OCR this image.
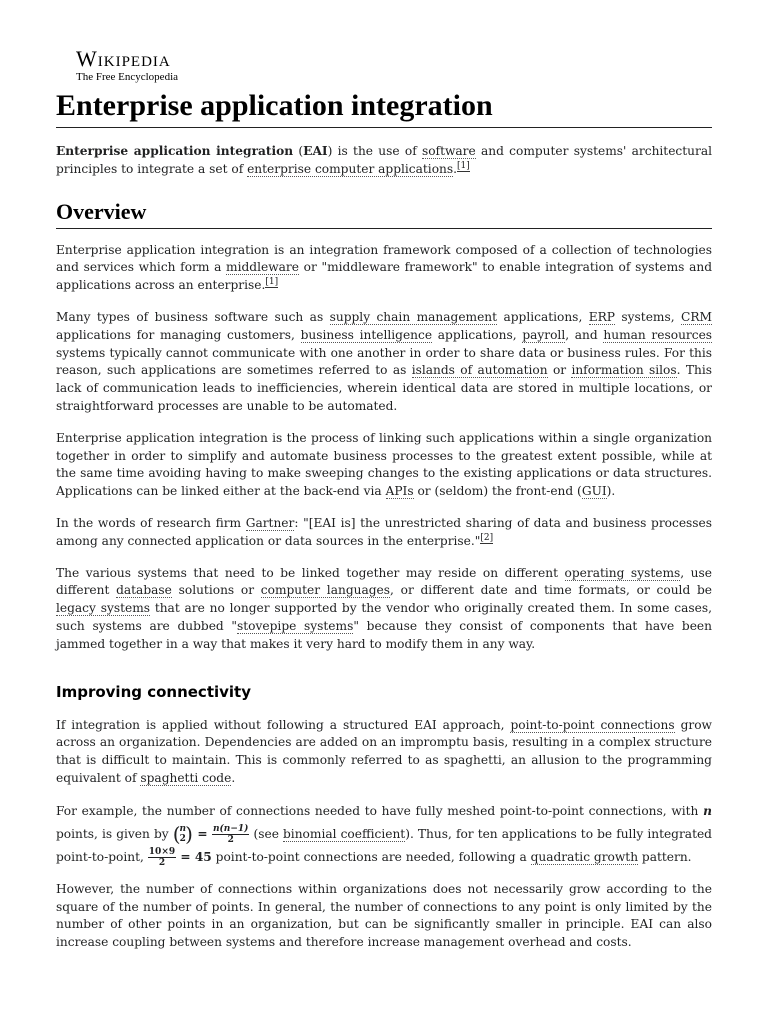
Wikipedia
The Free Encyclopedia
Enterprise application integration

Enterprise application integration (EAI) is the use of software and computer systems' architectural principles to integrate a set of enterprise computer applications.[1]

Overview

Enterprise application integration is an integration framework composed of a collection of technologies and services which form a middleware or "middleware framework" to enable integration of systems and applications across an enterprise.[1]

Many types of business software such as supply chain management applications, ERP systems, CRM applications for managing customers, business intelligence applications, payroll, and human resources systems typically cannot communicate with one another in order to share data or business rules. For this reason, such applications are sometimes referred to as islands of automation or information silos. This lack of communication leads to inefficiencies, wherein identical data are stored in multiple locations, or straightforward processes are unable to be automated.

Enterprise application integration is the process of linking such applications within a single organization together in order to simplify and automate business processes to the greatest extent possible, while at the same time avoiding having to make sweeping changes to the existing applications or data structures. Applications can be linked either at the back-end via APIs or (seldom) the front-end (GUI).

In the words of research firm Gartner: "[EAI is] the unrestricted sharing of data and business processes among any connected application or data sources in the enterprise."[2]

The various systems that need to be linked together may reside on different operating systems, use different database solutions or computer languages, or different date and time formats, or could be legacy systems that are no longer supported by the vendor who originally created them. In some cases, such systems are dubbed "stovepipe systems" because they consist of components that have been jammed together in a way that makes it very hard to modify them in any way.

Improving connectivity

If integration is applied without following a structured EAI approach, point-to-point connections grow across an organization. Dependencies are added on an impromptu basis, resulting in a complex structure that is difficult to maintain. This is commonly referred to as spaghetti, an allusion to the programming equivalent of spaghetti code.

For example, the number of connections needed to have fully meshed point-to-point connections, with n points, is given by ( n
2 ) = $\frac{n(n-1)}{2} (see$ binomial coefficient). Thus, for ten applications to be fully integrated point-to-point, $\frac{10\times 9}{2} = 45$ point-to-point connections are needed, following a quadratic growth pattern.

However, the number of connections within organizations does not necessarily grow according to the square of the number of points. In general, the number of connections to any point is only limited by the number of other points in an organization, but can be significantly smaller in principle. EAI can also increase coupling between systems and therefore increase management overhead and costs.
